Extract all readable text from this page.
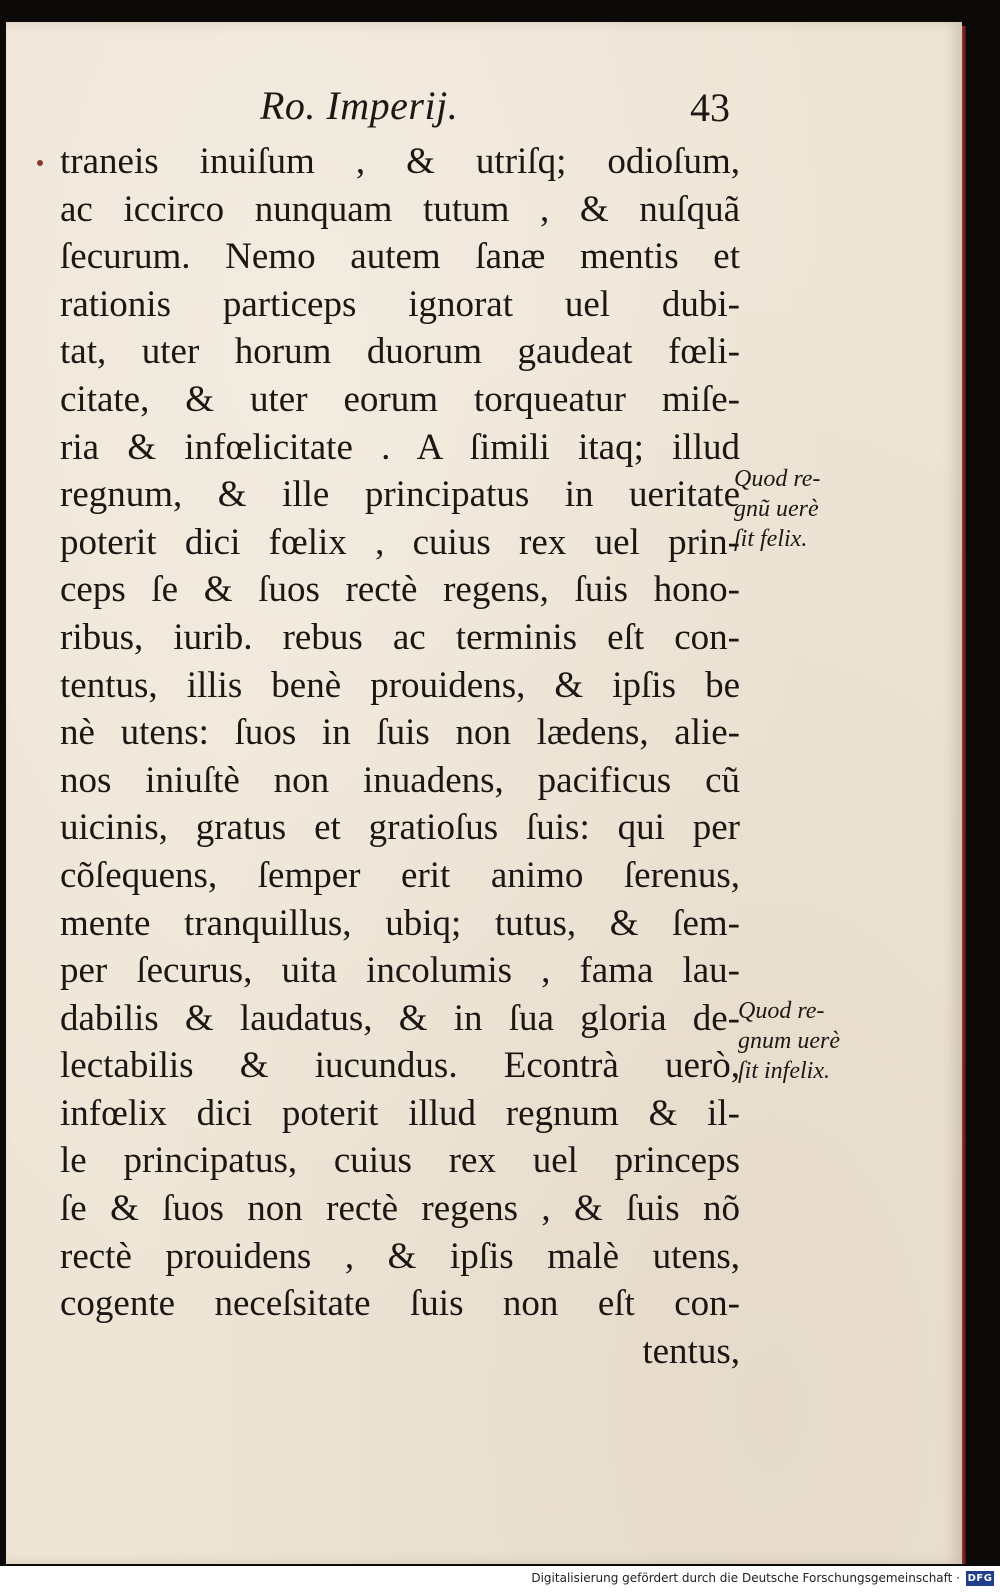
Ro. Imperij.	43
traneis inuiſum , & utriſq; odioſum,
ac iccirco nunquam tutum , & nuſquã
ſecurum. Nemo autem ſanæ mentis et
rationis particeps ignorat uel dubi-
tat, uter horum duorum gaudeat fœli-
citate, & uter eorum torqueatur miſe-
ria & infœlicitate . A ſimili itaq; illud
regnum, & ille principatus in ueritate
poterit dici fœlix , cuius rex uel prin-
ceps ſe & ſuos rectè regens, ſuis hono-
ribus, iurib. rebus ac terminis eſt con-
tentus, illis benè prouidens, & ipſis be
nè utens: ſuos in ſuis non lædens, alie-
nos iniuſtè non inuadens, pacificus cũ
uicinis, gratus et gratioſus ſuis: qui per
cõſequens, ſemper erit animo ſerenus,
mente tranquillus, ubiq; tutus, & ſem-
per ſecurus, uita incolumis , fama lau-
dabilis & laudatus, & in ſua gloria de-
lectabilis & iucundus. Econtrà uerò,
infœlix dici poterit illud regnum & il-
le principatus, cuius rex uel princeps
ſe & ſuos non rectè regens , & ſuis nõ
rectè prouidens , & ipſis malè utens,
cogente neceſsitate ſuis non eſt con-
tentus,
Quod re-
gnũ uerè
ſit felix.
Quod re-
gnum uerè
ſit infelix.
Digitalisierung gefördert durch die Deutsche Forschungsgemeinschaft · DFG
